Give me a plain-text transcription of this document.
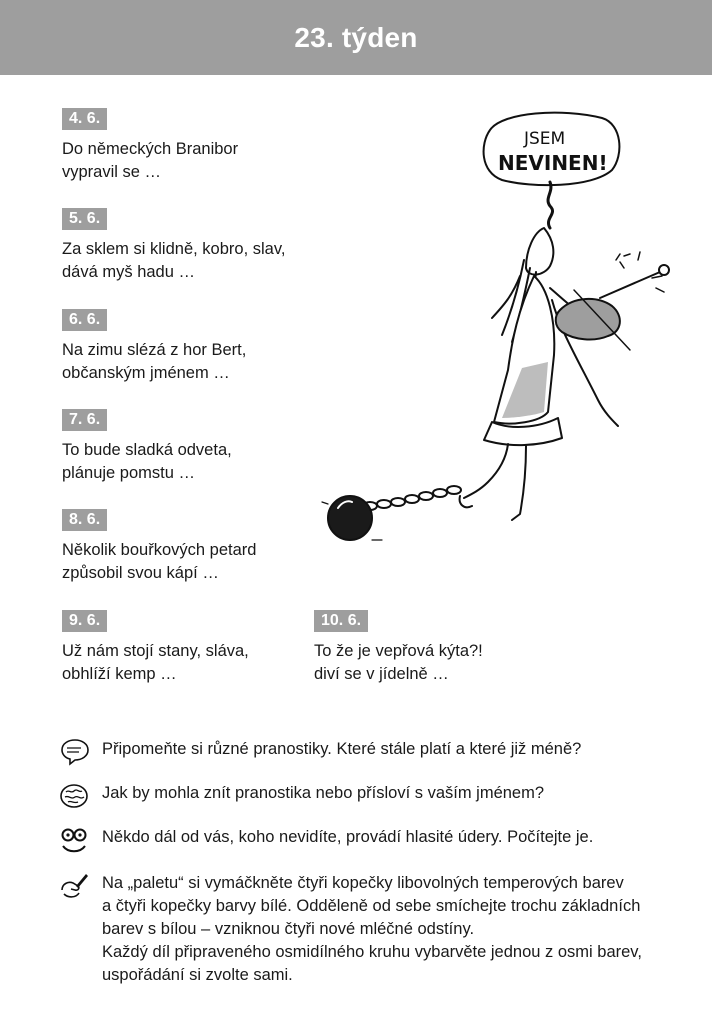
23. týden
4. 6.
Do německých Branibor
vypravil se …
5. 6.
Za sklem si klidně, kobro, slav,
dává myš hadu …
6. 6.
Na zimu slézá z hor Bert,
občanským jménem …
7. 6.
To bude sladká odveta,
plánuje pomstu …
8. 6.
Několik bouřkových petard
způsobil svou kápí …
9. 6.
Už nám stojí stany, sláva,
obhlíží kemp …
10. 6.
To že je vepřová kýta?!
diví se v jídelně …
JSEM
NEVINEN!
Připomeňte si různé pranostiky. Které stále platí a které již méně?
Jak by mohla znít pranostika nebo přísloví s vaším jménem?
Někdo dál od vás, koho nevidíte, provádí hlasité údery. Počítejte je.
Na „paletu“ si vymáčkněte čtyři kopečky libovolných temperových barev
a čtyři kopečky barvy bílé. Odděleně od sebe smíchejte trochu základních
barev s bílou – vzniknou čtyři nové mléčné odstíny.
Každý díl připraveného osmidílného kruhu vybarvěte jednou z osmi barev,
uspořádání si zvolte sami.
